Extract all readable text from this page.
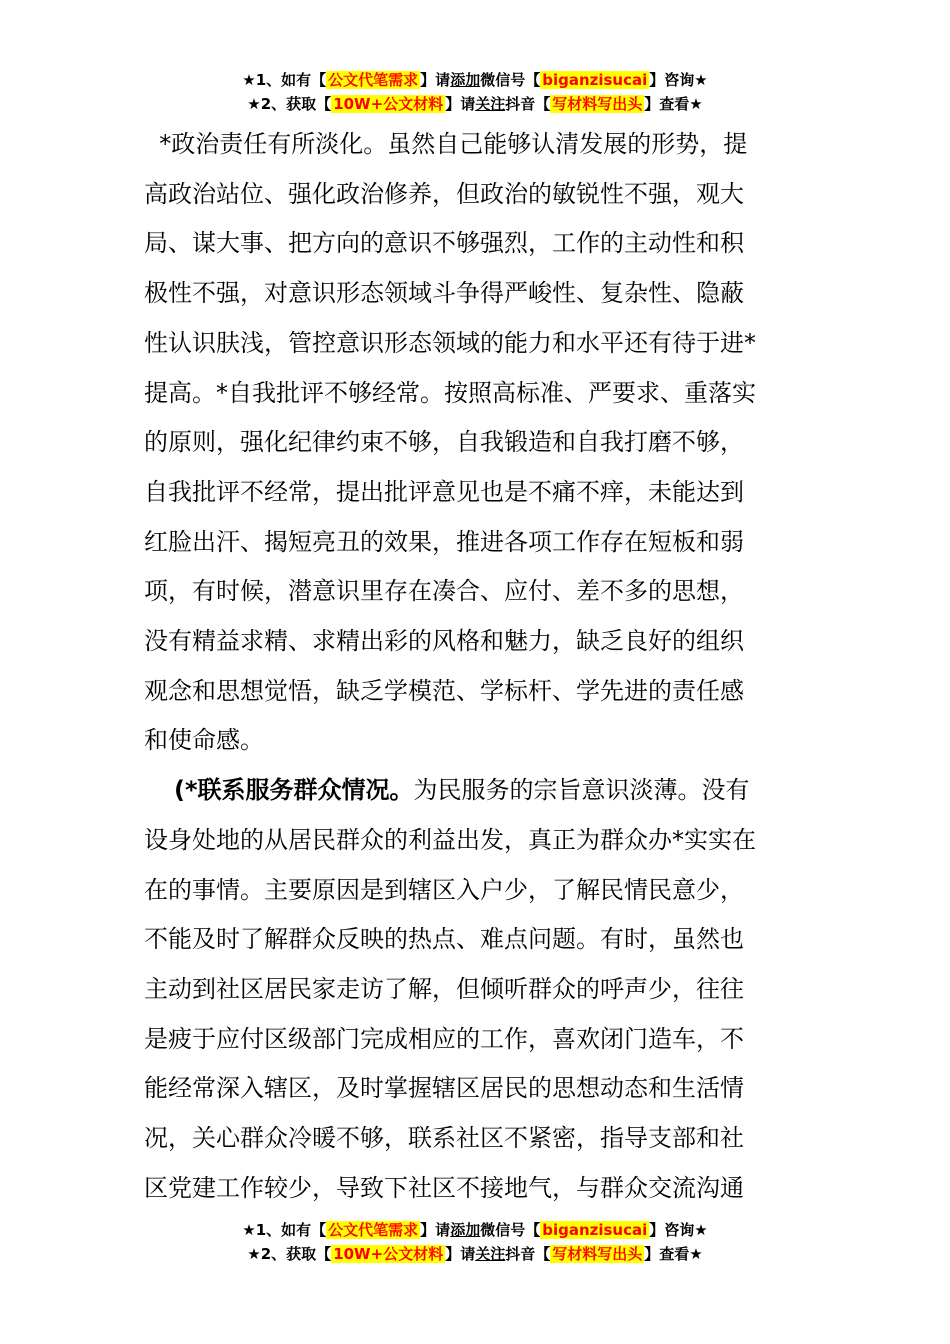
★1、如有【 公文代笔需求 】请添加微信号【 biganzisucai 】咨询★
★2、获取【 10W+公文材料 】请关注抖音【 写材料写出头 】查看★
*政治责任有所淡化。虽然自己能够认清发展的形势，提
高政治站位、强化政治修养，但政治的敏锐性不强，观大
局、谋大事、把方向的意识不够强烈，工作的主动性和积
极性不强，对意识形态领域斗争得严峻性、复杂性、隐蔽
性认识肤浅，管控意识形态领域的能力和水平还有待于进*
提高。*自我批评不够经常。按照高标准、严要求、重落实
的原则，强化纪律约束不够，自我锻造和自我打磨不够，
自我批评不经常，提出批评意见也是不痛不痒，未能达到
红脸出汗、揭短亮丑的效果，推进各项工作存在短板和弱
项，有时候，潜意识里存在凑合、应付、差不多的思想，
没有精益求精、求精出彩的风格和魅力，缺乏良好的组织
观念和思想觉悟，缺乏学模范、学标杆、学先进的责任感
和使命感。
(*联系服务群众情况。为民服务的宗旨意识淡薄。没有
设身处地的从居民群众的利益出发，真正为群众办*实实在
在的事情。主要原因是到辖区入户少，了解民情民意少，
不能及时了解群众反映的热点、难点问题。有时，虽然也
主动到社区居民家走访了解，但倾听群众的呼声少，往往
是疲于应付区级部门完成相应的工作，喜欢闭门造车，不
能经常深入辖区，及时掌握辖区居民的思想动态和生活情
况，关心群众冷暖不够，联系社区不紧密，指导支部和社
区党建工作较少，导致下社区不接地气，与群众交流沟通
★1、如有【 公文代笔需求 】请添加微信号【 biganzisucai 】咨询★
★2、获取【 10W+公文材料 】请关注抖音【 写材料写出头 】查看★
